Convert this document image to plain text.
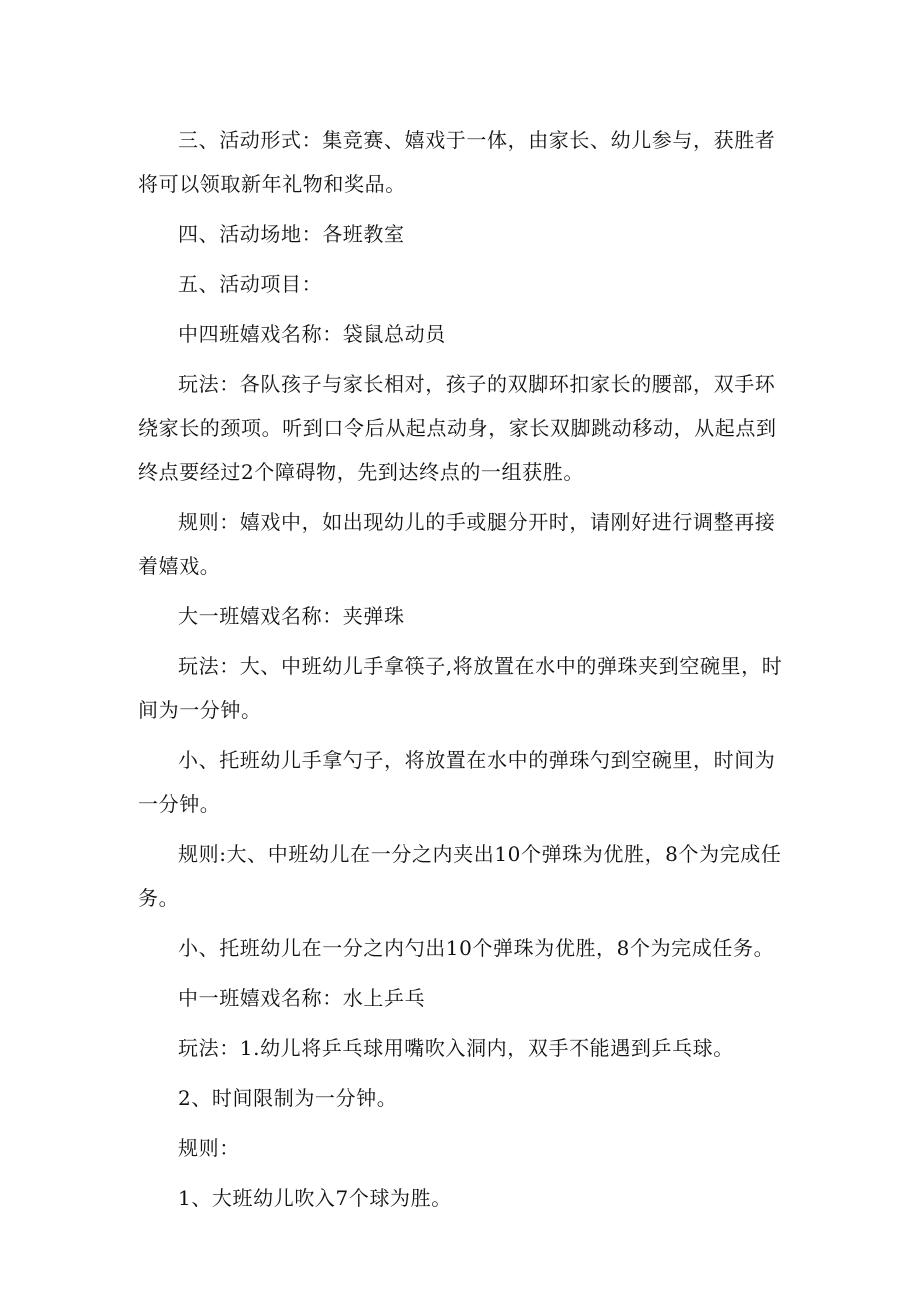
三、活动形式：集竞赛、嬉戏于一体，由家长、幼儿参与，获胜者将可以领取新年礼物和奖品。

四、活动场地：各班教室

五、活动项目：

中四班嬉戏名称：袋鼠总动员

玩法：各队孩子与家长相对，孩子的双脚环扣家长的腰部，双手环绕家长的颈项。听到口令后从起点动身，家长双脚跳动移动，从起点到终点要经过2个障碍物，先到达终点的一组获胜。

规则：嬉戏中，如出现幼儿的手或腿分开时，请刚好进行调整再接着嬉戏。

大一班嬉戏名称：夹弹珠

玩法：大、中班幼儿手拿筷子,将放置在水中的弹珠夹到空碗里，时间为一分钟。

小、托班幼儿手拿勺子，将放置在水中的弹珠勺到空碗里，时间为一分钟。

规则:大、中班幼儿在一分之内夹出10个弹珠为优胜，8个为完成任务。

小、托班幼儿在一分之内勺出10个弹珠为优胜，8个为完成任务。

中一班嬉戏名称：水上乒乓

玩法：1.幼儿将乒乓球用嘴吹入洞内，双手不能遇到乒乓球。

2、时间限制为一分钟。

规则：

1、大班幼儿吹入7个球为胜。
